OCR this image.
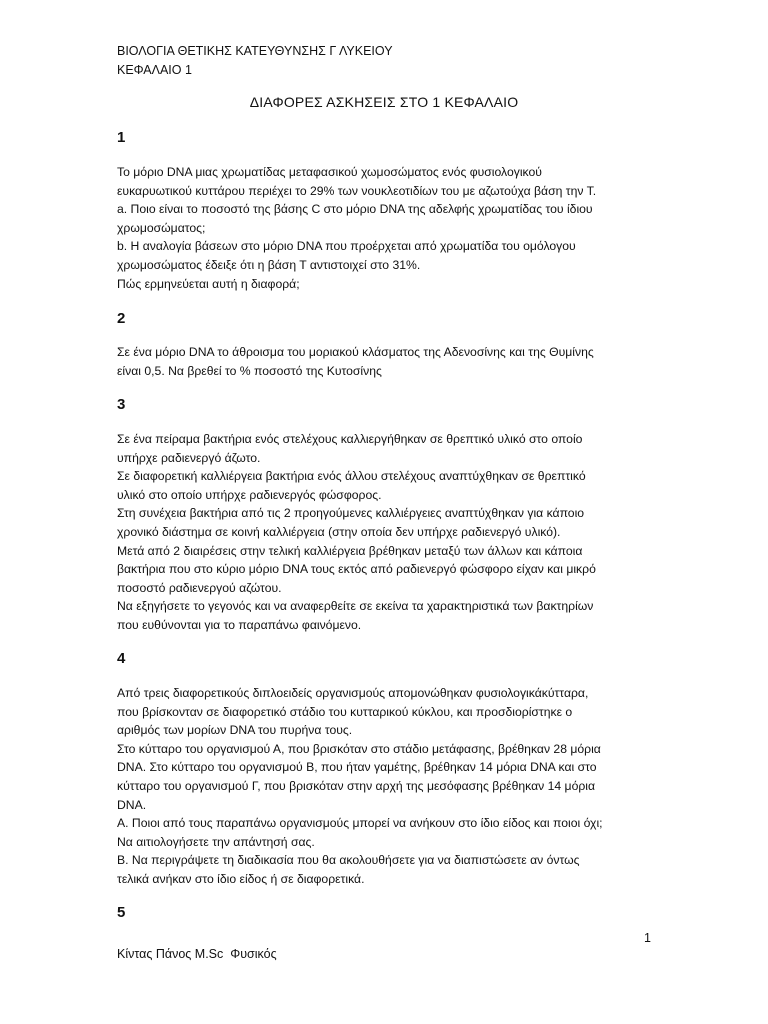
ΒΙΟΛΟΓΙΑ ΘΕΤΙΚΗΣ ΚΑΤΕΥΘΥΝΣΗΣ Γ ΛΥΚΕΙΟΥ
ΚΕΦΑΛΑΙΟ 1
ΔΙΑΦΟΡΕΣ ΑΣΚΗΣΕΙΣ ΣΤΟ 1 ΚΕΦΑΛΑΙΟ
1
Το μόριο DNA μιας χρωματίδας μεταφασικού χωμοσώματος ενός φυσιολογικού
ευκαρυωτικού κυττάρου περιέχει το 29% των νουκλεοτιδίων του με αζωτούχα βάση την Τ.
a. Ποιο είναι το ποσοστό της βάσης C στο μόριο DNA της αδελφής χρωματίδας του ίδιου
χρωμοσώματος;
b. Η αναλογία βάσεων στο μόριο DNA που προέρχεται από χρωματίδα του ομόλογου
χρωμοσώματος έδειξε ότι η βάση Τ αντιστοιχεί στο 31%.
Πώς ερμηνεύεται αυτή η διαφορά;
2
Σε ένα μόριο DNA το άθροισμα του μοριακού κλάσματος της Αδενοσίνης και της Θυμίνης
είναι 0,5. Να βρεθεί το % ποσοστό της Κυτοσίνης
3
Σε ένα πείραμα βακτήρια ενός στελέχους καλλιεργήθηκαν σε θρεπτικό υλικό στο οποίο
υπήρχε ραδιενεργό άζωτο.
Σε διαφορετική καλλιέργεια βακτήρια ενός άλλου στελέχους αναπτύχθηκαν σε θρεπτικό
υλικό στο οποίο υπήρχε ραδιενεργός φώσφορος.
Στη συνέχεια βακτήρια από τις 2 προηγούμενες καλλιέργειες αναπτύχθηκαν για κάποιο
χρονικό διάστημα σε κοινή καλλιέργεια (στην οποία δεν υπήρχε ραδιενεργό υλικό).
Μετά από 2 διαιρέσεις στην τελική καλλιέργεια βρέθηκαν μεταξύ των άλλων και κάποια
βακτήρια που στο κύριο μόριο DNA τους εκτός από ραδιενεργό φώσφορο είχαν και μικρό
ποσοστό ραδιενεργού αζώτου.
Να εξηγήσετε το γεγονός και να αναφερθείτε σε εκείνα τα χαρακτηριστικά των βακτηρίων
που ευθύνονται για το παραπάνω φαινόμενο.
4
Από τρεις διαφορετικούς διπλοειδείς οργανισμούς απομονώθηκαν φυσιολογικάκύτταρα,
που βρίσκονταν σε διαφορετικό στάδιο του κυτταρικού κύκλου, και προσδιορίστηκε ο
αριθμός των μορίων DNA του πυρήνα τους.
Στο κύτταρο του οργανισμού Α, που βρισκόταν στο στάδιο μετάφασης, βρέθηκαν 28 μόρια
DNA. Στο κύτταρο του οργανισμού Β, που ήταν γαμέτης, βρέθηκαν 14 μόρια DNA και στο
κύτταρο του οργανισμού Γ, που βρισκόταν στην αρχή της μεσόφασης βρέθηκαν 14 μόρια
DNA.
A. Ποιοι από τους παραπάνω οργανισμούς μπορεί να ανήκουν στο ίδιο είδος και ποιοι όχι;
Να αιτιολογήσετε την απάντησή σας.
B. Να περιγράψετε τη διαδικασία που θα ακολουθήσετε για να διαπιστώσετε αν όντως
τελικά ανήκαν στο ίδιο είδος ή σε διαφορετικά.
5
1
Κίντας Πάνος M.Sc  Φυσικός
